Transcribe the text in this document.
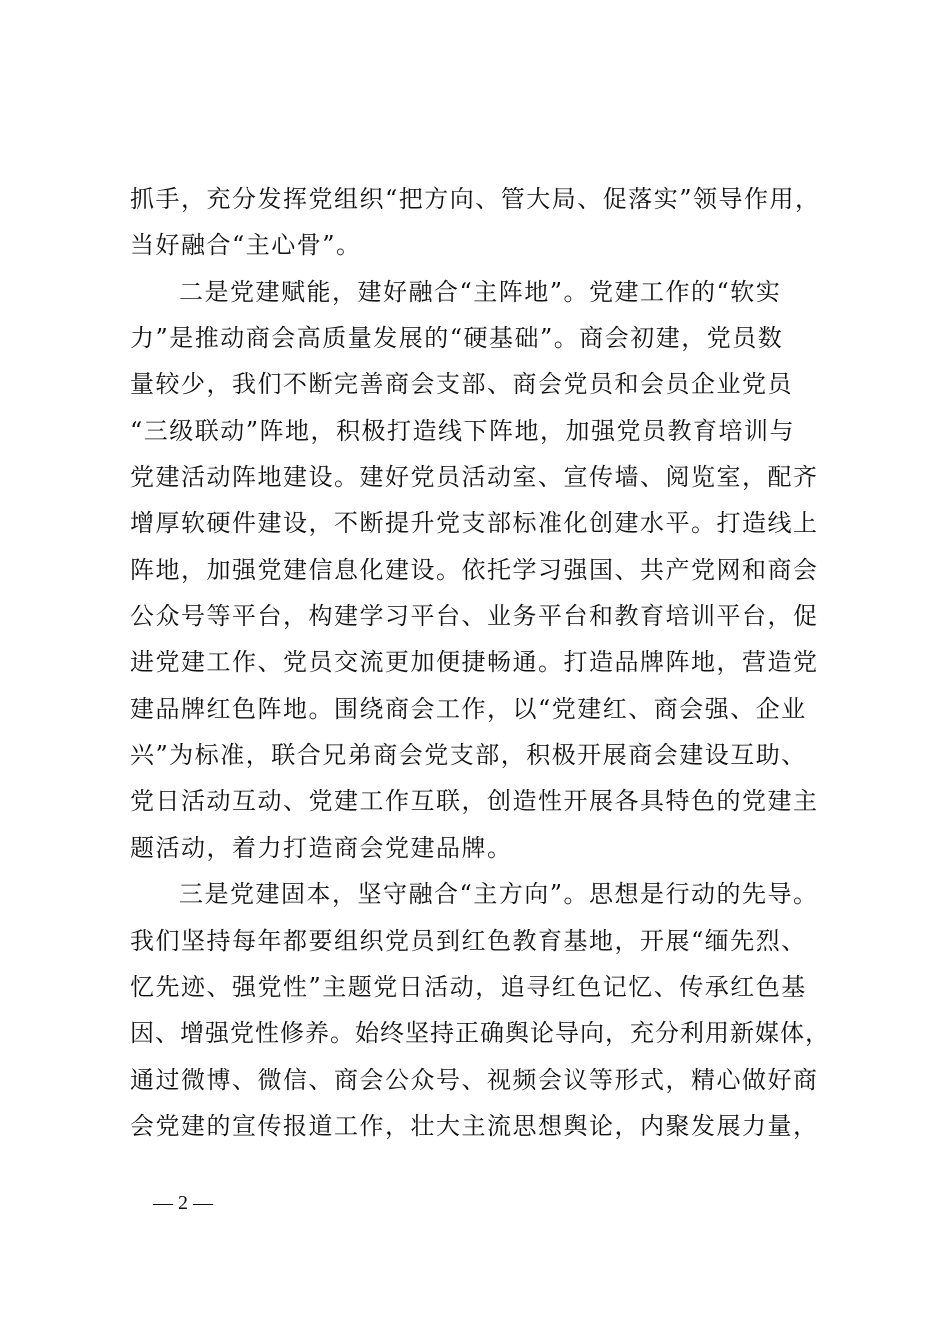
抓手，充分发挥党组织“把方向、管大局、促落实”领导作用，
当好融合“主心骨”。
二是党建赋能，建好融合“主阵地”。党建工作的“软实
力”是推动商会高质量发展的“硬基础”。商会初建，党员数
量较少，我们不断完善商会支部、商会党员和会员企业党员
“三级联动”阵地，积极打造线下阵地，加强党员教育培训与
党建活动阵地建设。建好党员活动室、宣传墙、阅览室，配齐
增厚软硬件建设，不断提升党支部标准化创建水平。打造线上
阵地，加强党建信息化建设。依托学习强国、共产党网和商会
公众号等平台，构建学习平台、业务平台和教育培训平台，促
进党建工作、党员交流更加便捷畅通。打造品牌阵地，营造党
建品牌红色阵地。围绕商会工作，以“党建红、商会强、企业
兴”为标准，联合兄弟商会党支部，积极开展商会建设互助、
党日活动互动、党建工作互联，创造性开展各具特色的党建主
题活动，着力打造商会党建品牌。
三是党建固本，坚守融合“主方向”。思想是行动的先导。
我们坚持每年都要组织党员到红色教育基地，开展“缅先烈、
忆先迹、强党性”主题党日活动，追寻红色记忆、传承红色基
因、增强党性修养。始终坚持正确舆论导向，充分利用新媒体，
通过微博、微信、商会公众号、视频会议等形式，精心做好商
会党建的宣传报道工作，壮大主流思想舆论，内聚发展力量，
— 2 —
